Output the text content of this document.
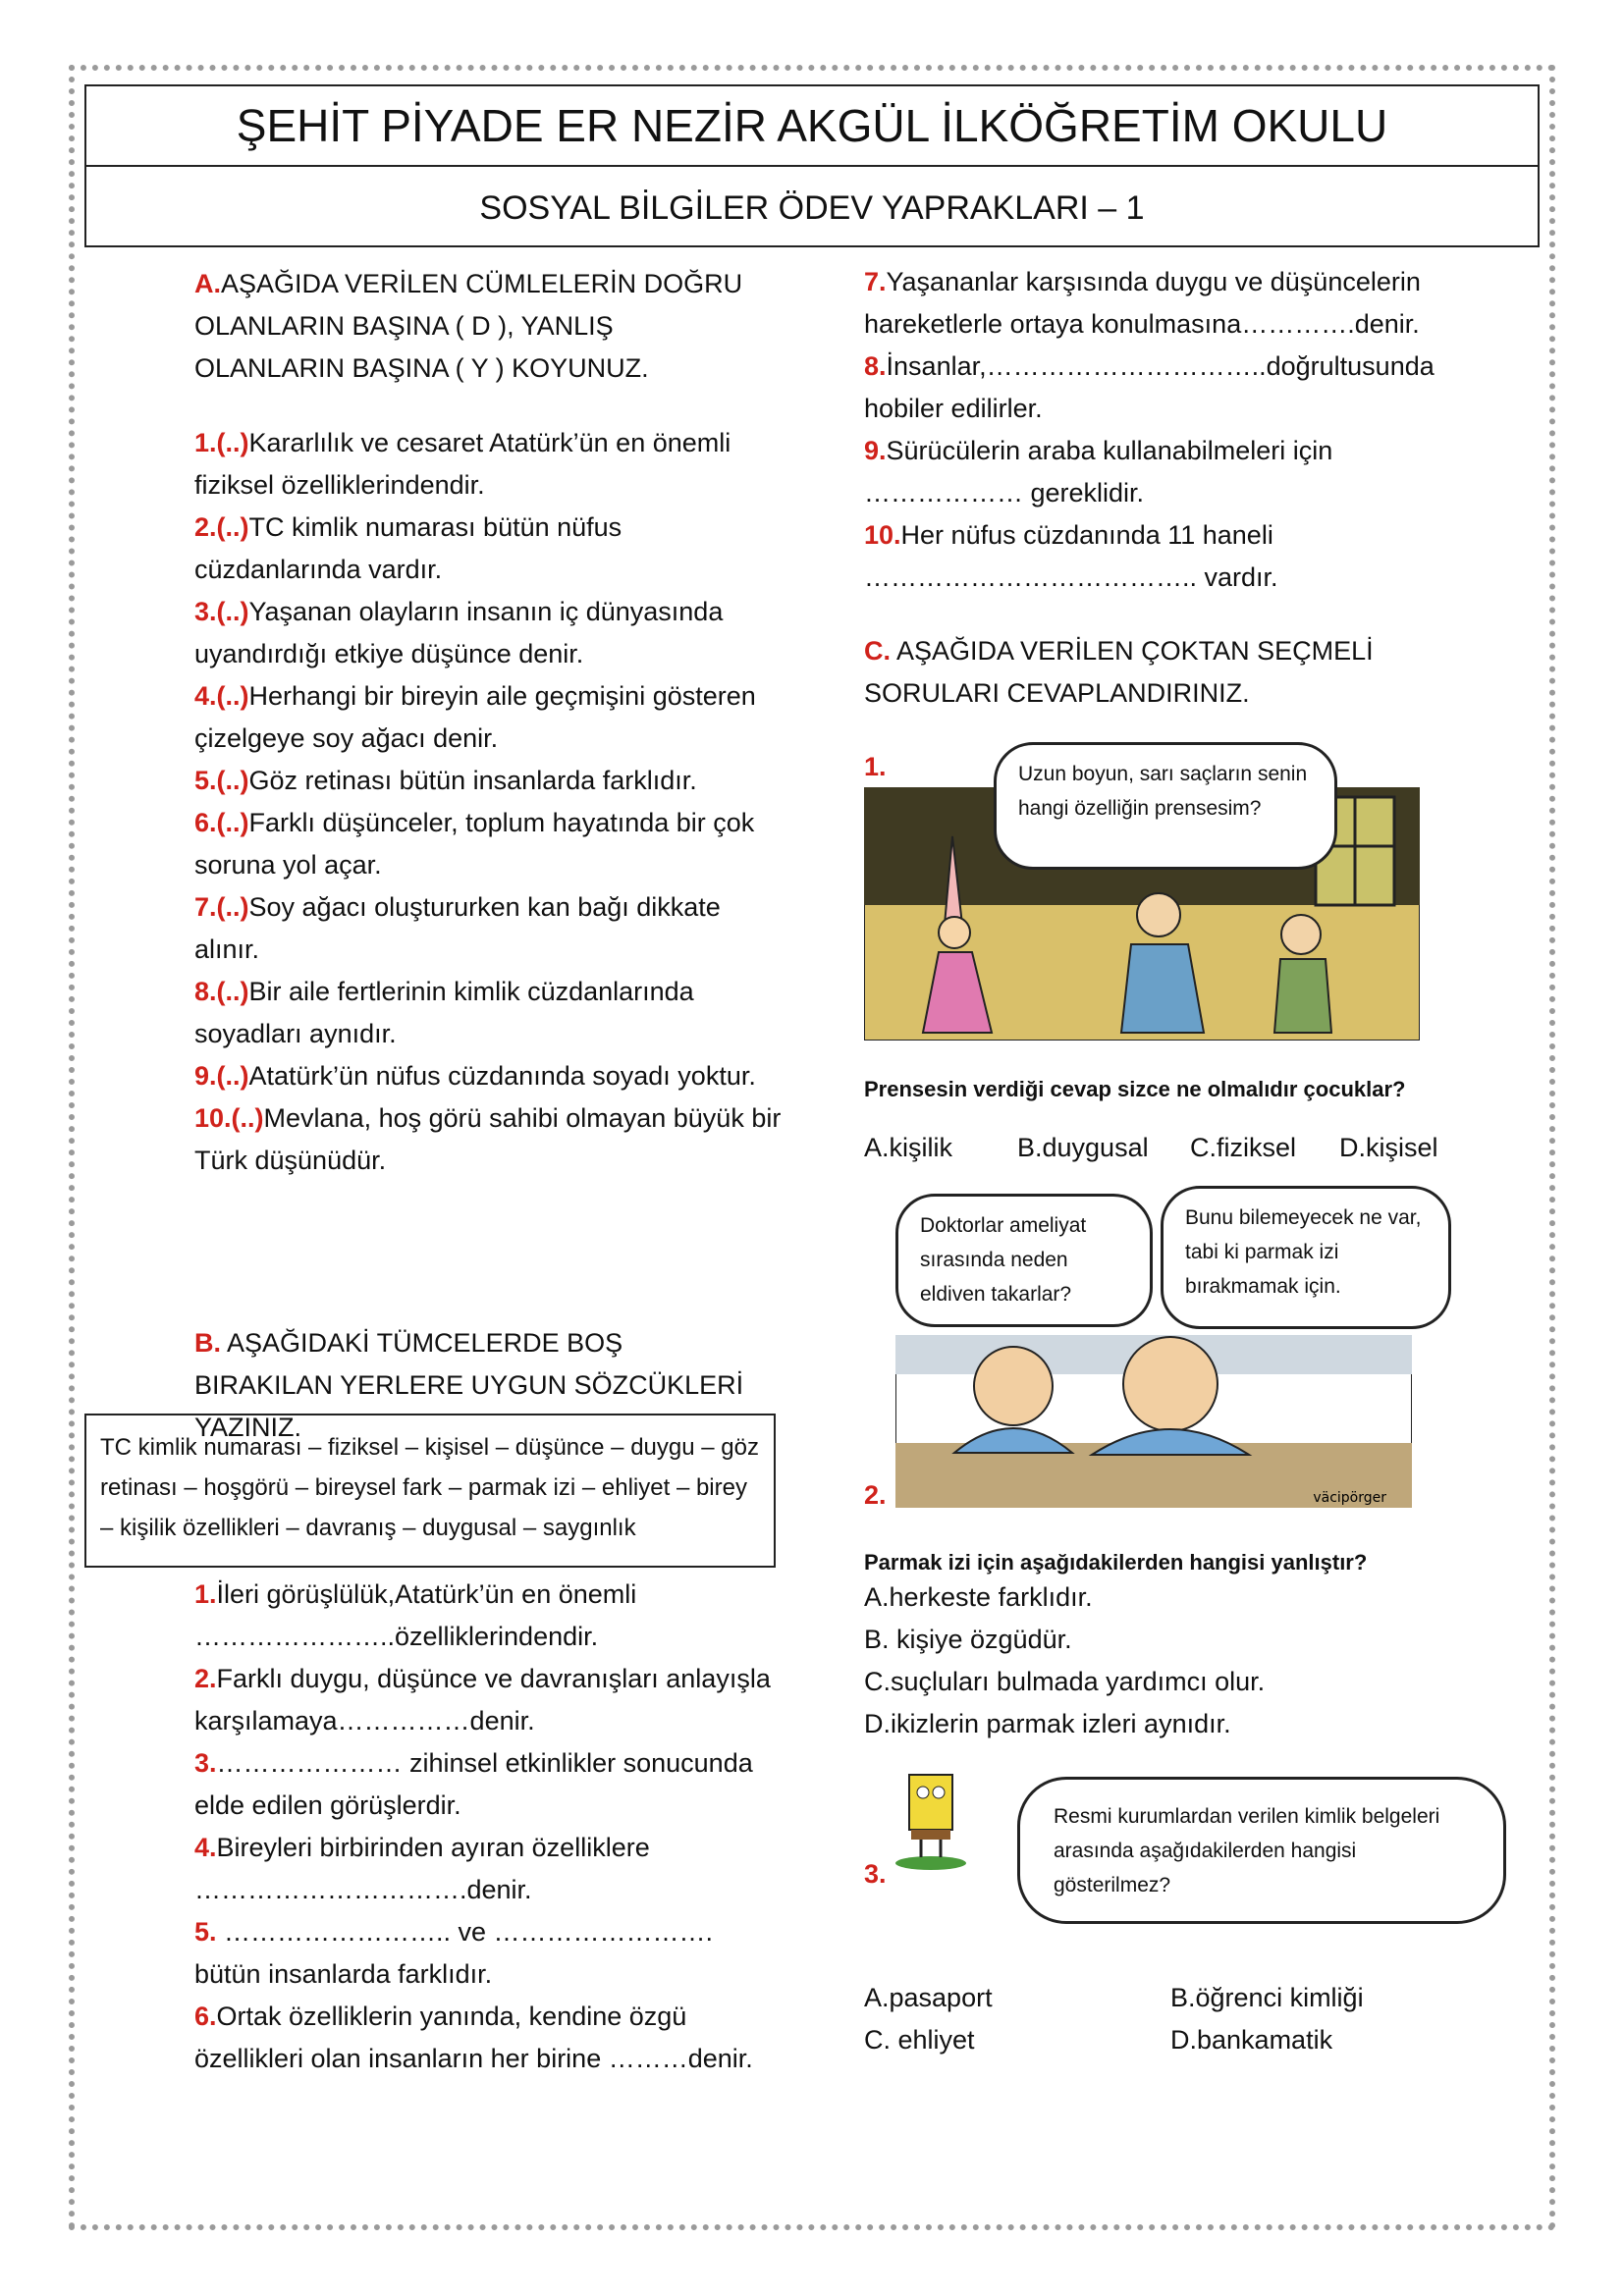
ŞEHİT PİYADE ER NEZİR AKGÜL İLKÖĞRETİM OKULU
SOSYAL BİLGİLER ÖDEV YAPRAKLARI – 1
A.AŞAĞIDA VERİLEN CÜMLELERİN DOĞRU OLANLARIN BAŞINA ( D ), YANLIŞ OLANLARIN BAŞINA ( Y ) KOYUNUZ.
1.(..)Kararlılık ve cesaret Atatürk’ün en önemli fiziksel özelliklerindendir.
2.(..)TC kimlik numarası bütün nüfus cüzdanlarında vardır.
3.(..)Yaşanan olayların insanın iç dünyasında uyandırdığı etkiye düşünce denir.
4.(..)Herhangi bir bireyin aile geçmişini gösteren çizelgeye soy ağacı denir.
5.(..)Göz retinası bütün insanlarda farklıdır.
6.(..)Farklı düşünceler, toplum hayatında bir çok soruna yol açar.
7.(..)Soy ağacı oluştururken kan bağı dikkate alınır.
8.(..)Bir aile fertlerinin kimlik cüzdanlarında soyadları aynıdır.
9.(..)Atatürk’ün nüfus cüzdanında soyadı yoktur.
10.(..)Mevlana, hoş görü sahibi olmayan büyük bir Türk düşünüdür.
B. AŞAĞIDAKİ TÜMCELERDE BOŞ BIRAKILAN YERLERE UYGUN SÖZCÜKLERİ YAZINIZ.
TC kimlik numarası – fiziksel – kişisel – düşünce – duygu – göz retinası – hoşgörü – bireysel fark – parmak izi – ehliyet – birey – kişilik özellikleri – davranış – duygusal – saygınlık
1.İleri görüşlülük,Atatürk’ün en önemli …………………..özelliklerindendir.
2.Farklı duygu, düşünce ve davranışları anlayışla karşılamaya……………denir.
3.………………… zihinsel etkinlikler sonucunda elde edilen görüşlerdir.
4.Bireyleri birbirinden ayıran özelliklere ………………………….denir.
5. …………………….. ve ……………………. bütün insanlarda farklıdır.
6.Ortak özelliklerin yanında, kendine özgü özellikleri olan insanların her birine ………denir.
7.Yaşananlar karşısında duygu ve düşüncelerin hareketlerle ortaya konulmasına………….denir.
8.İnsanlar,…………………………..doğrultusunda hobiler edilirler.
9.Sürücülerin araba kullanabilmeleri için ……………… gereklidir.
10.Her nüfus cüzdanında 11 haneli ……………………………….. vardır.
C. AŞAĞIDA VERİLEN ÇOKTAN SEÇMELİ SORULARI CEVAPLANDIRINIZ.
1.	Uzun boyun, sarı saçların senin hangi özelliğin prensesim?
Prensesin verdiği cevap sizce ne olmalıdır çocuklar?
A.kişilik B.duygusal C.fiziksel D.kişisel
väcipörger
Doktorlar ameliyat sırasında neden eldiven takarlar?
Bunu bilemeyecek ne var, tabi ki parmak izi bırakmamak için.
2.
Parmak izi için aşağıdakilerden hangisi yanlıştır?
A.herkeste farklıdır.
B. kişiye özgüdür.
C.suçluları bulmada yardımcı olur.
D.ikizlerin parmak izleri aynıdır.
3.
Resmi kurumlardan verilen kimlik belgeleri arasında aşağıdakilerden hangisi gösterilmez?
A.pasaport	B.öğrenci kimliği
C. ehliyet	D.bankamatik
